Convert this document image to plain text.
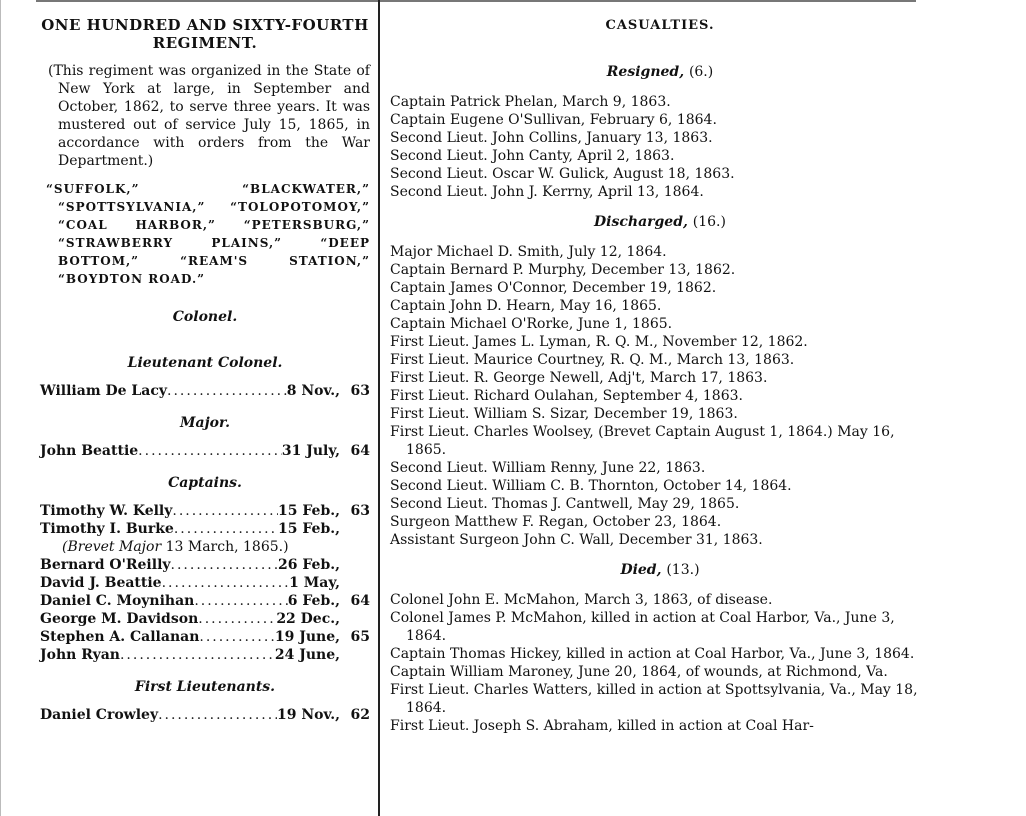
ONE HUNDRED AND SIXTY-FOURTH REGIMENT.
(This regiment was organized in the State of New York at large, in September and October, 1862, to serve three years. It was mustered out of service July 15, 1865, in accordance with orders from the War Department.)
“SUFFOLK,” “BLACKWATER,” “SPOTTSYLVANIA,” “TOLOPOTOMOY,” “COAL HARBOR,” “PETERSBURG,” “STRAWBERRY PLAINS,” “DEEP BOTTOM,” “REAM'S STATION,” “BOYDTON ROAD.”
Colonel.
Lieutenant Colonel.
William De Lacy .....	8 Nov., 63
Major.
John Beattie .....	31 July, 64
Captains.
Timothy W. Kelly .....	15 Feb., 63
Timothy I. Burke .....	15 Feb.,
(Brevet Major 13 March, 1865.)
Bernard O'Reilly .....	26 Feb.,
David J. Beattie .....	1 May,
Daniel C. Moynihan .....	6 Feb., 64
George M. Davidson .....	22 Dec.,
Stephen A. Callanan .....	19 June, 65
John Ryan .....	24 June,
First Lieutenants.
Daniel Crowley .....	19 Nov., 62
CASUALTIES.
Resigned, (6.)
Captain Patrick Phelan, March 9, 1863.
Captain Eugene O'Sullivan, February 6, 1864.
Second Lieut. John Collins, January 13, 1863.
Second Lieut. John Canty, April 2, 1863.
Second Lieut. Oscar W. Gulick, August 18, 1863.
Second Lieut. John J. Kerrny, April 13, 1864.
Discharged, (16.)
Major Michael D. Smith, July 12, 1864.
Captain Bernard P. Murphy, December 13, 1862.
Captain James O'Connor, December 19, 1862.
Captain John D. Hearn, May 16, 1865.
Captain Michael O'Rorke, June 1, 1865.
First Lieut. James L. Lyman, R. Q. M., November 12, 1862.
First Lieut. Maurice Courtney, R. Q. M., March 13, 1863.
First Lieut. R. George Newell, Adj't, March 17, 1863.
First Lieut. Richard Oulahan, September 4, 1863.
First Lieut. William S. Sizar, December 19, 1863.
First Lieut. Charles Woolsey, (Brevet Captain August 1, 1864.) May 16, 1865.
Second Lieut. William Renny, June 22, 1863.
Second Lieut. William C. B. Thornton, October 14, 1864.
Second Lieut. Thomas J. Cantwell, May 29, 1865.
Surgeon Matthew F. Regan, October 23, 1864.
Assistant Surgeon John C. Wall, December 31, 1863.
Died, (13.)
Colonel John E. McMahon, March 3, 1863, of disease.
Colonel James P. McMahon, killed in action at Coal Harbor, Va., June 3, 1864.
Captain Thomas Hickey, killed in action at Coal Harbor, Va., June 3, 1864.
Captain William Maroney, June 20, 1864, of wounds, at Richmond, Va.
First Lieut. Charles Watters, killed in action at Spottsylvania, Va., May 18, 1864.
First Lieut. Joseph S. Abraham, killed in action at Coal Har-
